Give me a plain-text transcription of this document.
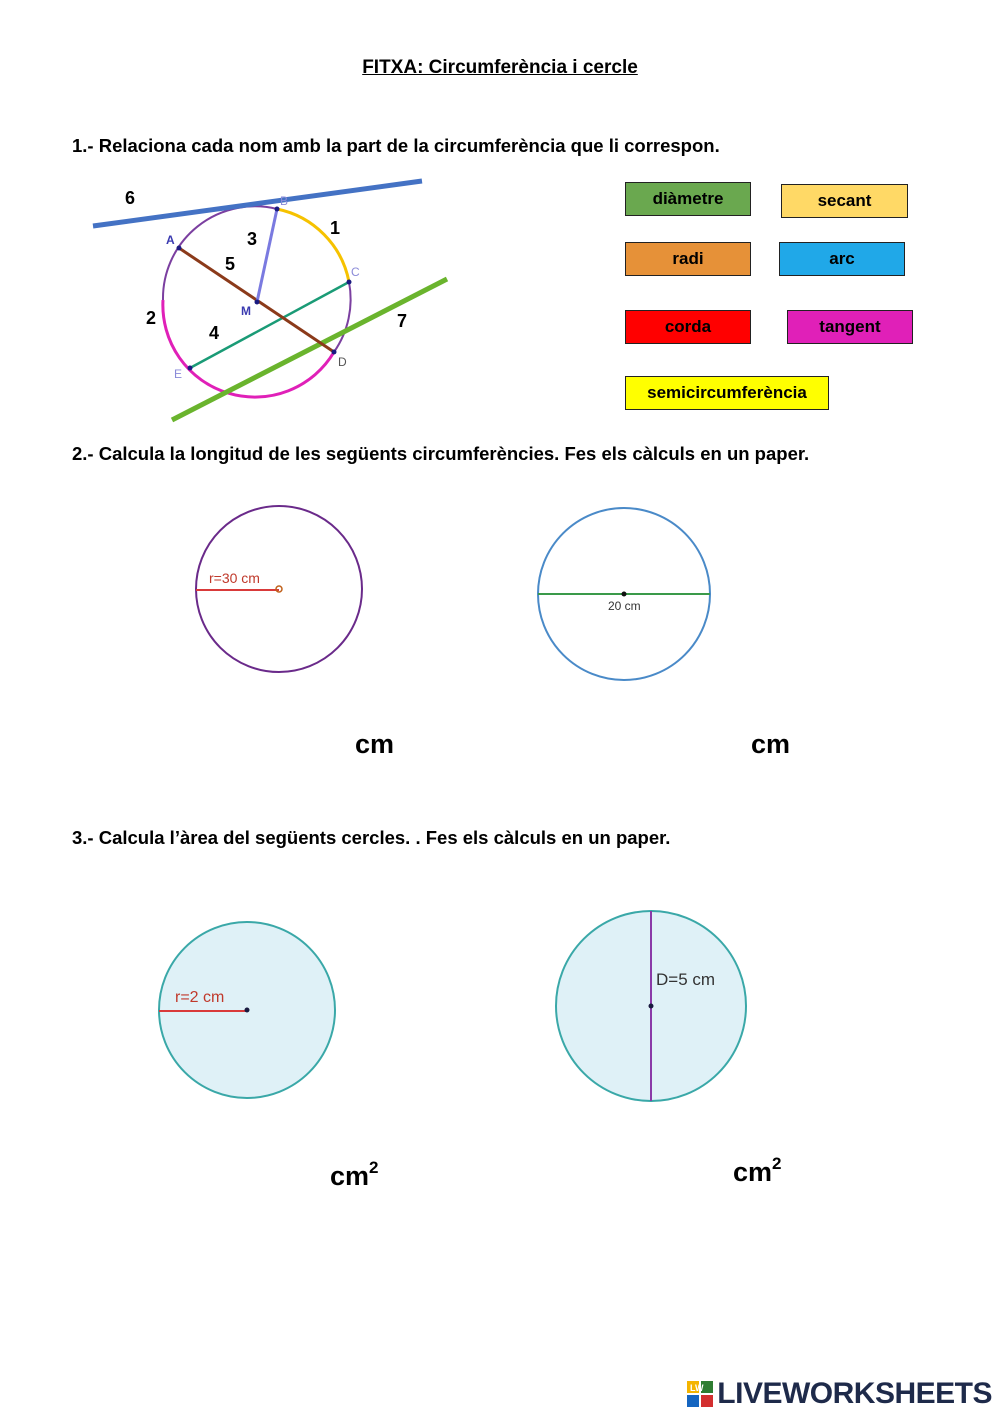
FITXA: Circumferència i cercle
1.- Relaciona cada nom amb la part de la circumferència que li correspon.
A
B
C
D
E
M
1
2
3
4
5
6
7
diàmetre	secant
radi	arc
corda	tangent
semicircumferència
2.- Calcula la longitud de les següents circumferències. Fes els càlculs en un paper.
r=30 cm
20 cm
cm	cm
3.- Calcula l’àrea del següents cercles. . Fes els càlculs en un paper.
r=2 cm
D=5 cm
$cm^2$	$cm^2$
LW LIVEWORKSHEETS
